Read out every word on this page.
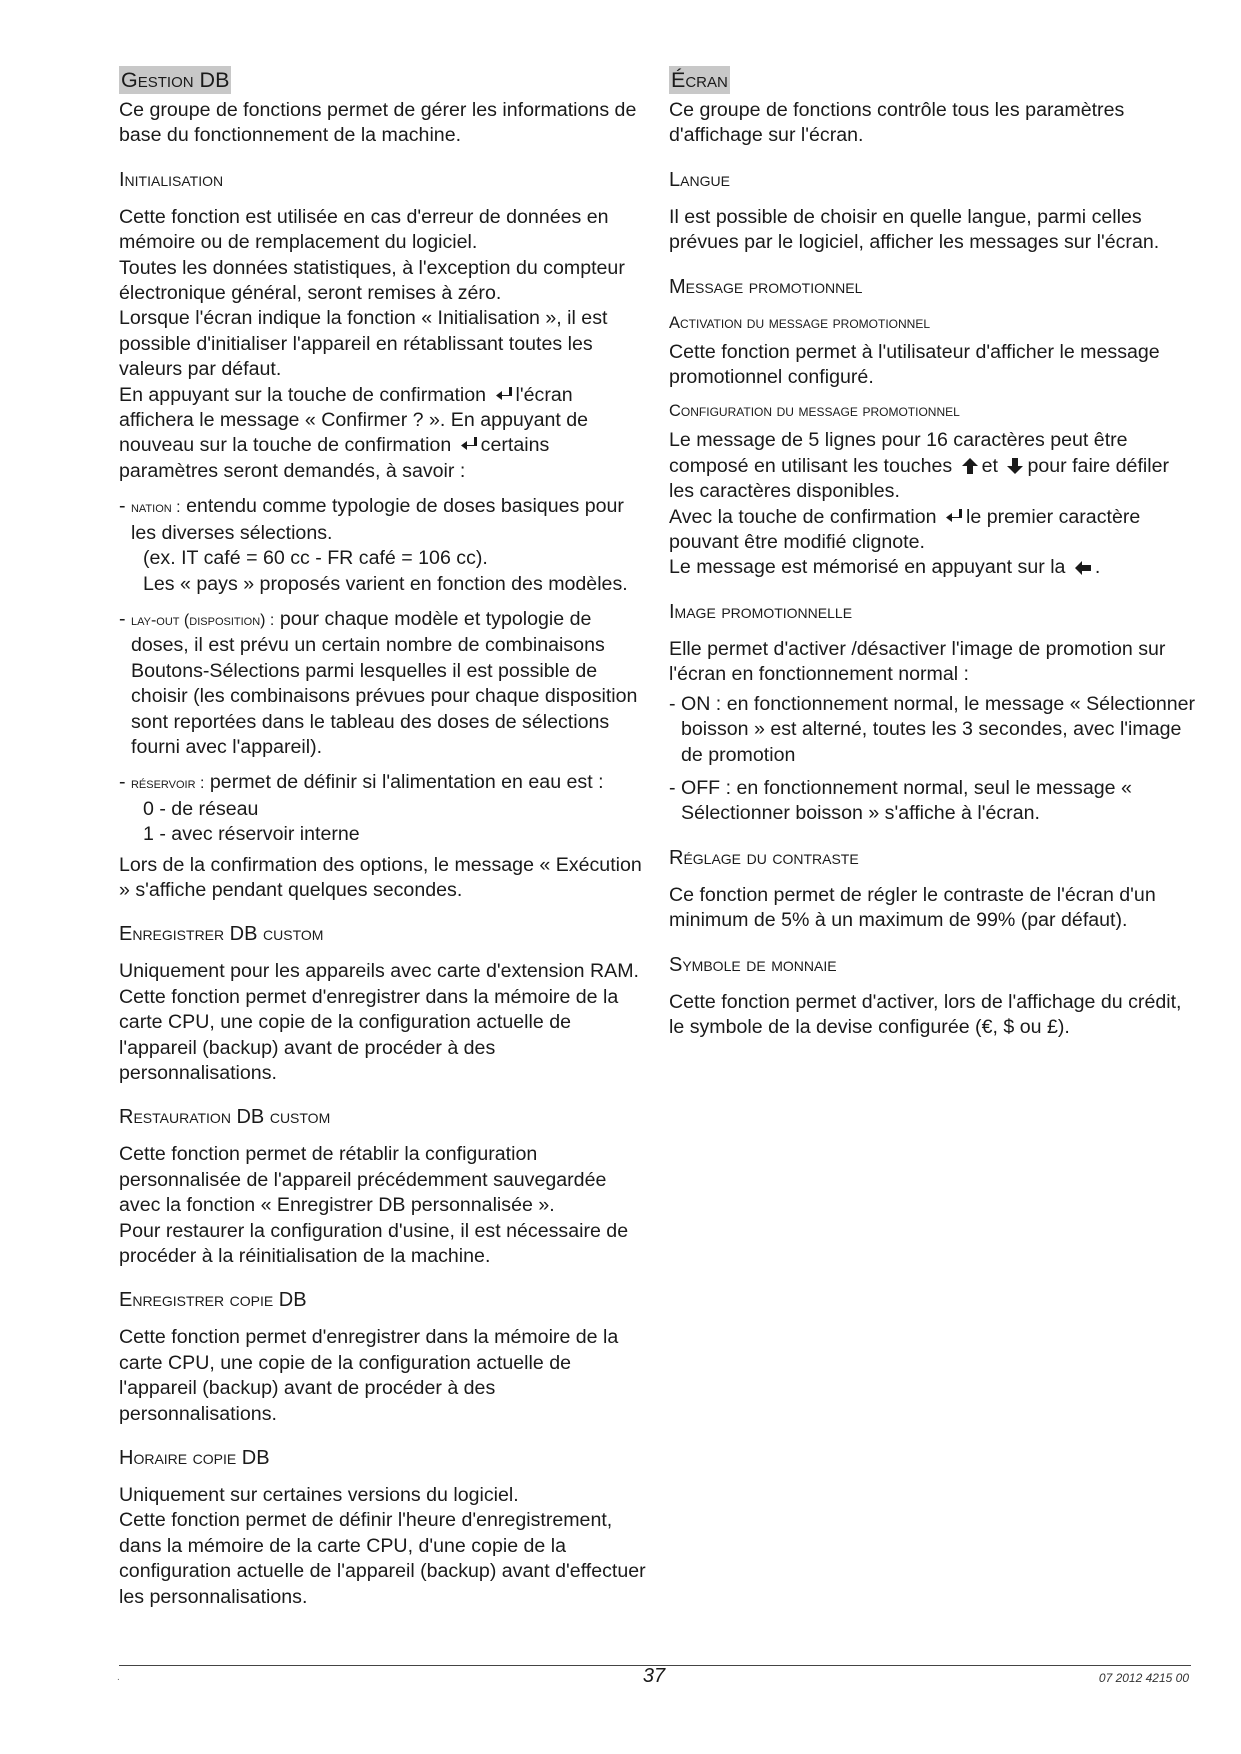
Gestion DB

Ce groupe de fonctions permet de gérer les informations de base du fonctionnement de la machine.

Initialisation

Cette fonction est utilisée en cas d'erreur de données en mémoire ou de remplacement du logiciel.

Toutes les données statistiques, à l'exception du compteur électronique général, seront remises à zéro.

Lorsque l'écran indique la fonction « Initialisation », il est possible d'initialiser l'appareil en rétablissant toutes les valeurs par défaut.

En appuyant sur la touche de confirmation l'écran affichera le message « Confirmer ? ». En appuyant de nouveau sur la touche de confirmation certains paramètres seront demandés, à savoir :

- nation : entendu comme typologie de doses basiques pour les diverses sélections.
(ex. IT café = 60 cc - FR café = 106 cc).
Les « pays » proposés varient en fonction des modèles.
- lay-out (disposition) : pour chaque modèle et typologie de doses, il est prévu un certain nombre de combinaisons Boutons-Sélections parmi lesquelles il est possible de choisir (les combinaisons prévues pour chaque disposition sont reportées dans le tableau des doses de sélections fourni avec l'appareil).
- réservoir : permet de définir si l'alimentation en eau est :
0 - de réseau
1 - avec réservoir interne

Lors de la confirmation des options, le message « Exécution » s'affiche pendant quelques secondes.

Enregistrer DB custom

Uniquement pour les appareils avec carte d'extension RAM.

Cette fonction permet d'enregistrer dans la mémoire de la carte CPU, une copie de la configuration actuelle de l'appareil (backup) avant de procéder à des personnalisations.

Restauration DB custom

Cette fonction permet de rétablir la configuration personnalisée de l'appareil précédemment sauvegardée avec la fonction « Enregistrer DB personnalisée ».

Pour restaurer la configuration d'usine, il est nécessaire de procéder à la réinitialisation de la machine.

Enregistrer copie DB

Cette fonction permet d'enregistrer dans la mémoire de la carte CPU, une copie de la configuration actuelle de l'appareil (backup) avant de procéder à des personnalisations.

Horaire copie DB

Uniquement sur certaines versions du logiciel.

Cette fonction permet de définir l'heure d'enregistrement, dans la mémoire de la carte CPU, d'une copie de la configuration actuelle de l'appareil (backup) avant d'effectuer les personnalisations.

Écran

Ce groupe de fonctions contrôle tous les paramètres d'affichage sur l'écran.

Langue

Il est possible de choisir en quelle langue, parmi celles prévues par le logiciel, afficher les messages sur l'écran.

Message promotionnel
Activation du message promotionnel

Cette fonction permet à l'utilisateur d'afficher le message promotionnel configuré.

Configuration du message promotionnel

Le message de 5 lignes pour 16 caractères peut être composé en utilisant les touches et pour faire défiler les caractères disponibles.

Avec la touche de confirmation le premier caractère pouvant être modifié clignote.

Le message est mémorisé en appuyant sur la .

Image promotionnelle

Elle permet d'activer /désactiver l'image de promotion sur l'écran en fonctionnement normal :

- ON : en fonctionnement normal, le message « Sélectionner boisson » est alterné, toutes les 3 secondes, avec l'image de promotion
- OFF : en fonctionnement normal, seul le message « Sélectionner boisson » s'affiche à l'écran.
Réglage du contraste

Ce fonction permet de régler le contraste de l'écran d'un minimum de 5% à un maximum de 99% (par défaut).

Symbole de monnaie

Cette fonction permet d'activer, lors de l'affichage du crédit, le symbole de la devise configurée (€, $ ou £).

.	37	07 2012 4215 00
